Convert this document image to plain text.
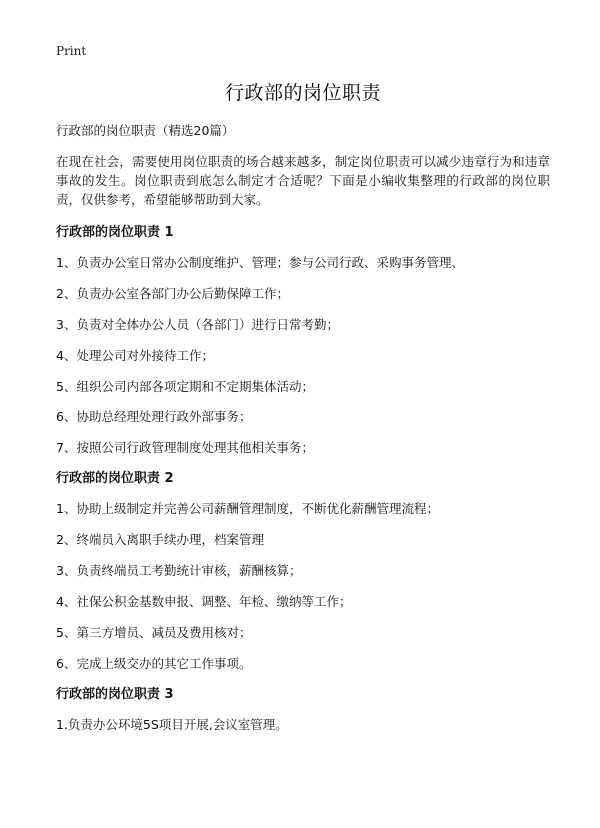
Print
行政部的岗位职责

行政部的岗位职责（精选20篇）

在现在社会，需要使用岗位职责的场合越来越多，制定岗位职责可以减少违章行为和违章事故的发生。岗位职责到底怎么制定才合适呢？下面是小编收集整理的行政部的岗位职责，仅供参考，希望能够帮助到大家。

行政部的岗位职责 1

1、负责办公室日常办公制度维护、管理；参与公司行政、采购事务管理、

2、负责办公室各部门办公后勤保障工作；

3、负责对全体办公人员（各部门）进行日常考勤；

4、处理公司对外接待工作；

5、组织公司内部各项定期和不定期集体活动；

6、协助总经理处理行政外部事务；

7、按照公司行政管理制度处理其他相关事务；

行政部的岗位职责 2

1、协助上级制定并完善公司薪酬管理制度，不断优化薪酬管理流程；

2、终端员入离职手续办理，档案管理

3、负责终端员工考勤统计审核，薪酬核算；

4、社保公积金基数申报、调整、年检、缴纳等工作；

5、第三方增员、减员及费用核对；

6、完成上级交办的其它工作事项。

行政部的岗位职责 3

1.负责办公环境5S项目开展,会议室管理。
